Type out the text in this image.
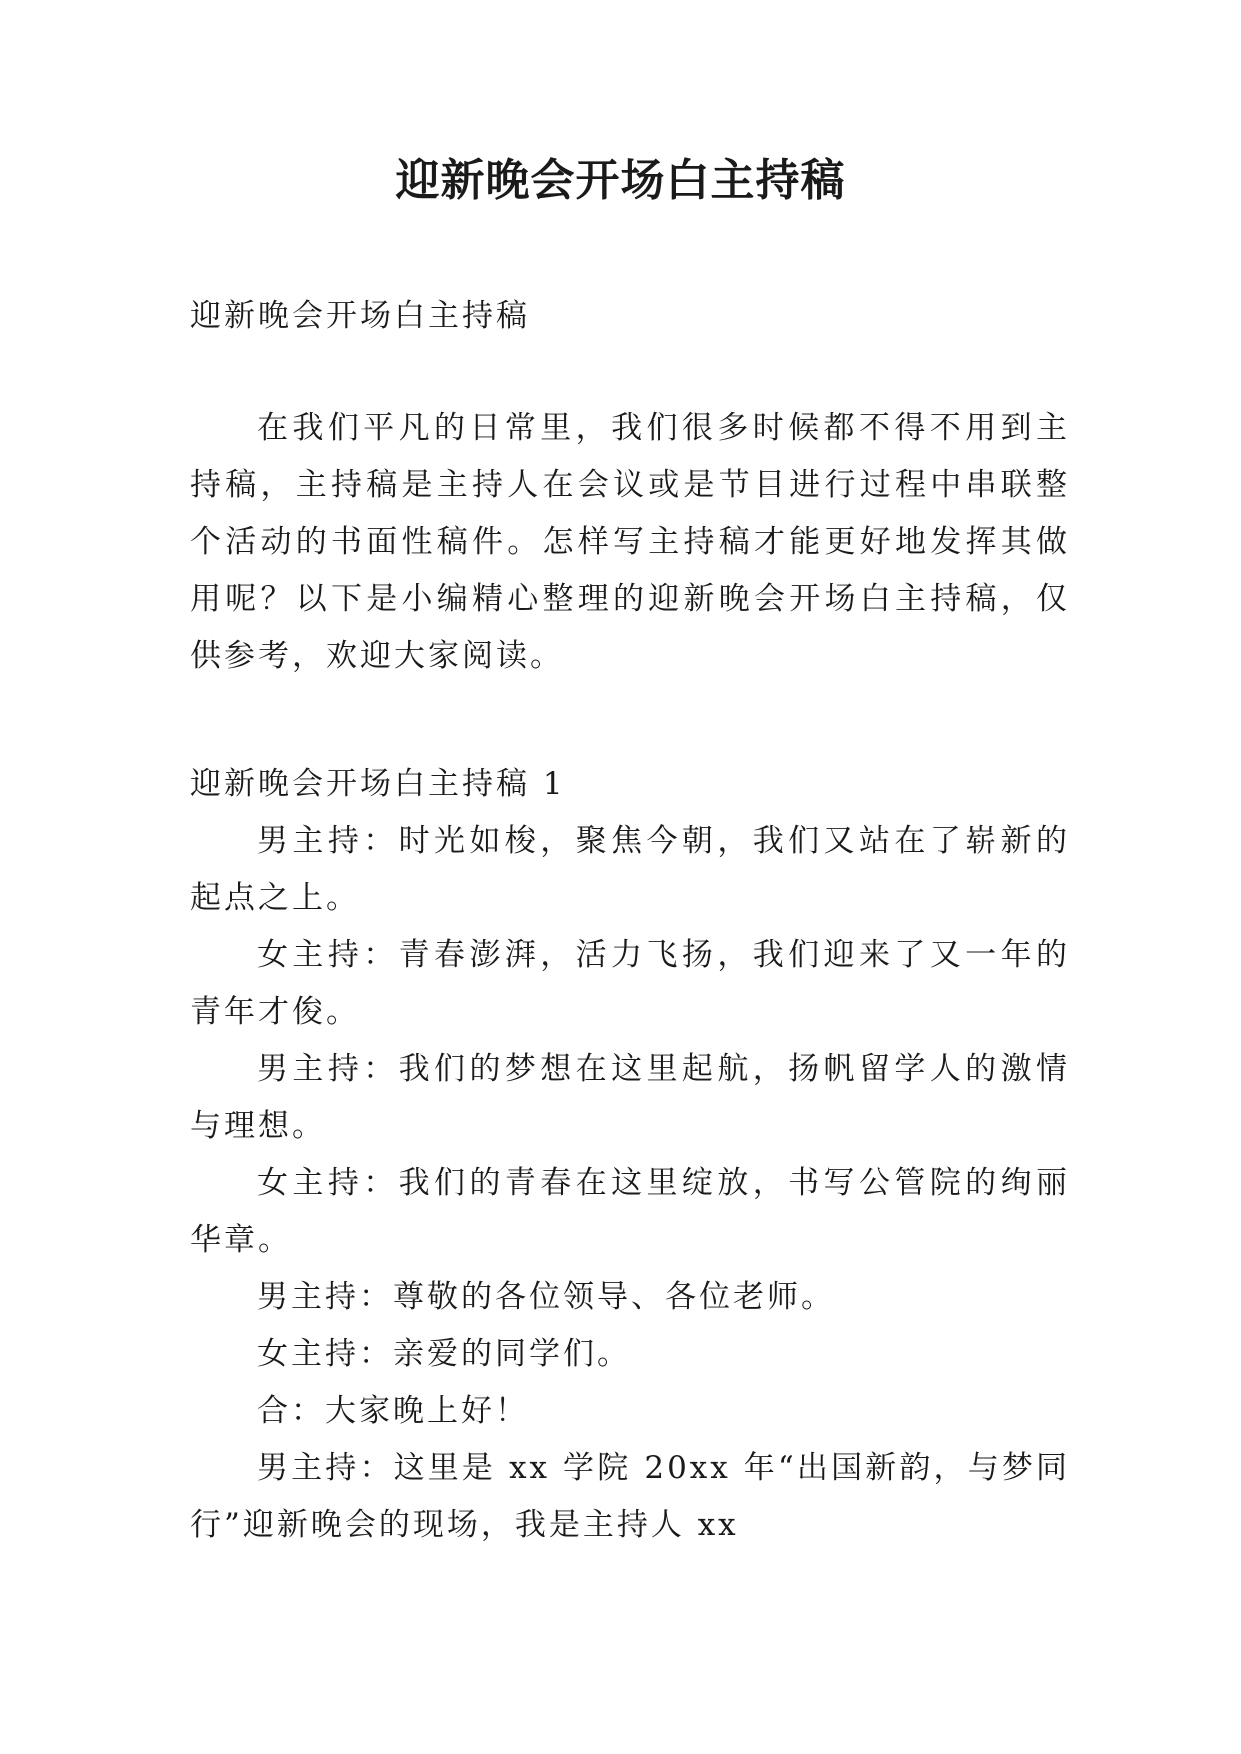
迎新晚会开场白主持稿

迎新晚会开场白主持稿

在我们平凡的日常里，我们很多时候都不得不用到主持稿，主持稿是主持人在会议或是节目进行过程中串联整个活动的书面性稿件。怎样写主持稿才能更好地发挥其做用呢？以下是小编精心整理的迎新晚会开场白主持稿，仅供参考，欢迎大家阅读。

迎新晚会开场白主持稿 1

男主持：时光如梭，聚焦今朝，我们又站在了崭新的起点之上。

女主持：青春澎湃，活力飞扬，我们迎来了又一年的青年才俊。

男主持：我们的梦想在这里起航，扬帆留学人的激情与理想。

女主持：我们的青春在这里绽放，书写公管院的绚丽华章。

男主持：尊敬的各位领导、各位老师。

女主持：亲爱的同学们。

合：大家晚上好！

男主持：这里是 xx 学院 20xx 年“出国新韵，与梦同行”迎新晚会的现场，我是主持人 xx
